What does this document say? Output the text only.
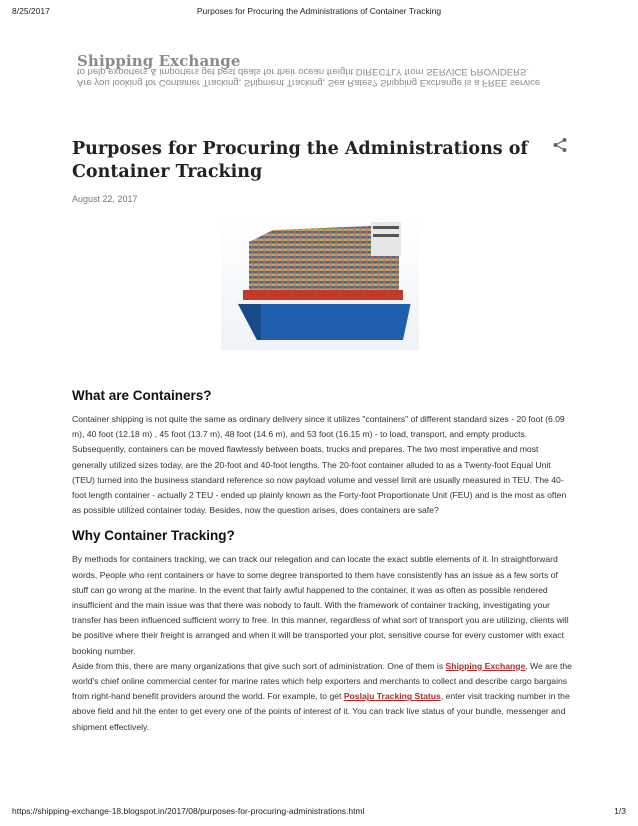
8/25/2017	Purposes for Procuring the Administrations of Container Tracking
Shipping Exchange
Are you looking for Container Tracking, Shipment Tracking, Sea Rates? Shipping Exchange is a FREE service to help exporters & importers get best deals for their ocean freight DIRECTLY from SERVICE PROVIDERS.
Purposes for Procuring the Administrations of Container Tracking
August 22, 2017
What are Containers?

Container shipping is not quite the same as ordinary delivery since it utilizes "containers" of different standard sizes - 20 foot (6.09 m), 40 foot (12.18 m) , 45 foot (13.7 m), 48 foot (14.6 m), and 53 foot (16.15 m) - to load, transport, and empty products. Subsequently, containers can be moved flawlessly between boats, trucks and prepares. The two most imperative and most generally utilized sizes today, are the 20-foot and 40-foot lengths. The 20-foot container alluded to as a Twenty-foot Equal Unit (TEU) turned into the business standard reference so now payload volume and vessel limit are usually measured in TEU. The 40-foot length container - actually 2 TEU - ended up plainly known as the Forty-foot Proportionate Unit (FEU) and is the most as often as possible utilized container today. Besides, now the question arises, does containers are safe?

Why Container Tracking?

By methods for containers tracking, we can track our relegation and can locate the exact subtle elements of it. In straightforward words, People who rent containers or have to some degree transported to them have consistently has an issue as a few sorts of stuff can go wrong at the marine. In the event that fairly awful happened to the container, it was as often as possible rendered insufficient and the main issue was that there was nobody to fault. With the framework of container tracking, investigating your transfer has been influenced sufficient worry to free. In this manner, regardless of what sort of transport you are utilizing, clients will be positive where their freight is arranged and when it will be transported your plot, sensitive course for every customer with exact booking number.

Aside from this, there are many organizations that give such sort of administration. One of them is Shipping Exchange, We are the world's chief online commercial center for marine rates which help exporters and merchants to collect and describe cargo bargains from right-hand benefit providers around the world. For example, to get Poslaju Tracking Status, enter visit tracking number in the above field and hit the enter to get every one of the points of interest of it. You can track live status of your bundle, messenger and shipment effectively.

https://shipping-exchange-18.blogspot.in/2017/08/purposes-for-procuring-administrations.html	1/3
